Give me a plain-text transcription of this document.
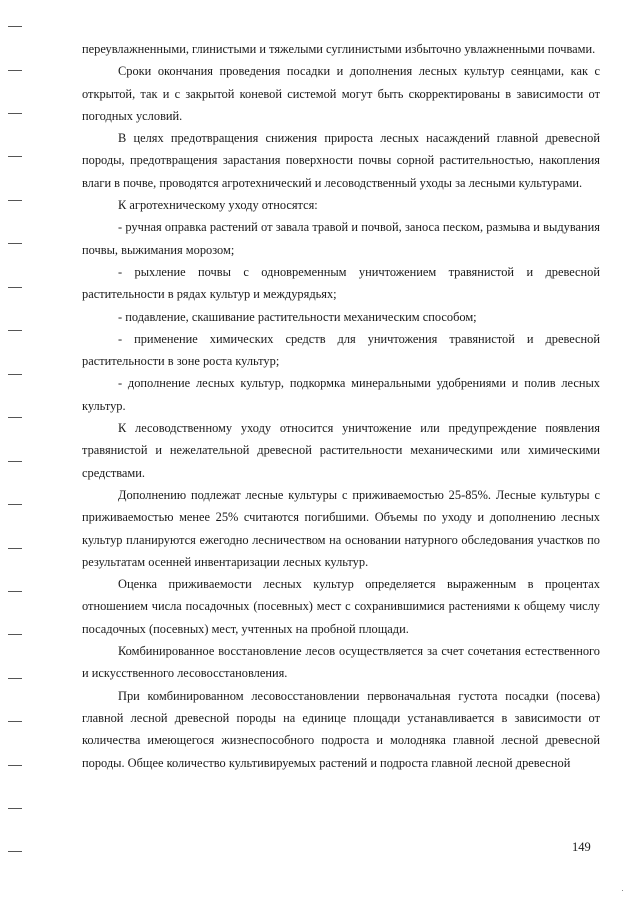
переувлажненными, глинистыми и тяжелыми суглинистыми избыточно увлажненными почвами.

Сроки окончания проведения посадки и дополнения лесных культур сеянцами, как с открытой, так и с закрытой коневой системой могут быть скорректированы в зависимости от погодных условий.

В целях предотвращения снижения прироста лесных насаждений главной древесной породы, предотвращения зарастания поверхности почвы сорной растительностью, накопления влаги в почве, проводятся агротехнический и лесоводственный уходы за лесными культурами.

К агротехническому уходу относятся:

- ручная оправка растений от завала травой и почвой, заноса песком, размыва и выдувания почвы, выжимания морозом;

- рыхление почвы с одновременным уничтожением травянистой и древесной растительности в рядах культур и междурядьях;

- подавление, скашивание растительности механическим способом;

- применение химических средств для уничтожения травянистой и древесной растительности в зоне роста культур;

- дополнение лесных культур, подкормка минеральными удобрениями и полив лесных культур.

К лесоводственному уходу относится уничтожение или предупреждение появления травянистой и нежелательной древесной растительности механическими или химическими средствами.

Дополнению подлежат лесные культуры с приживаемостью 25-85%. Лесные культуры с приживаемостью менее 25% считаются погибшими. Объемы по уходу и дополнению лесных культур планируются ежегодно лесничеством на основании натурного обследования участков по результатам осенней инвентаризации лесных культур.

Оценка приживаемости лесных культур определяется выраженным в процентах отношением числа посадочных (посевных) мест с сохранившимися растениями к общему числу посадочных (посевных) мест, учтенных на пробной площади.

Комбинированное восстановление лесов осуществляется за счет сочетания естественного и искусственного лесовосстановления.

При комбинированном лесовосстановлении первоначальная густота посадки (посева) главной лесной древесной породы на единице площади устанавливается в зависимости от количества имеющегося жизнеспособного подроста и молодняка главной лесной древесной породы. Общее количество культивируемых растений и подроста главной лесной древесной

149
